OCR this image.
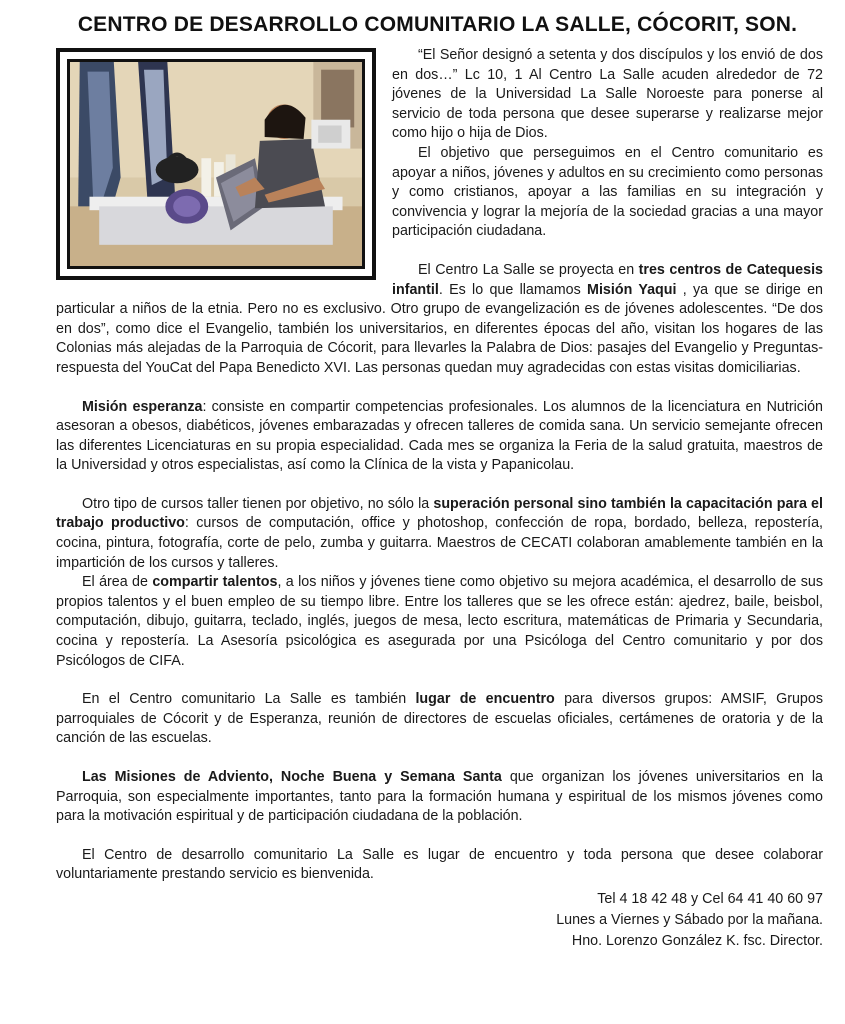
CENTRO DE DESARROLLO COMUNITARIO LA SALLE, CÓCORIT, SON.

“El Señor designó a setenta y dos discípulos y los envió de dos en dos…” Lc 10, 1 Al Centro La Salle acuden alrededor de 72 jóvenes de la Universidad La Salle Noroeste para ponerse al servicio de toda persona que desee superarse y realizarse mejor como hijo o hija de Dios.

El objetivo que perseguimos en el Centro comunitario es apoyar a niños, jóvenes y adultos en su crecimiento como personas y como cristianos, apoyar a las familias en su integración y convivencia y lograr la mejoría de la sociedad gracias a una mayor participación ciudadana.

El Centro La Salle se proyecta en tres centros de Catequesis infantil. Es lo que llamamos Misión Yaqui , ya que se dirige en particular a niños de la etnia. Pero no es exclusivo. Otro grupo de evangelización es de jóvenes adolescentes. “De dos en dos”, como dice el Evangelio, también los universitarios, en diferentes épocas del año, visitan los hogares de las Colonias más alejadas de la Parroquia de Cócorit, para llevarles la Palabra de Dios: pasajes del Evangelio y Preguntas-respuesta del YouCat del Papa Benedicto XVI. Las personas quedan muy agradecidas con estas visitas domiciliarias.

Misión esperanza: consiste en compartir competencias profesionales. Los alumnos de la licenciatura en Nutrición asesoran a obesos, diabéticos, jóvenes embarazadas y ofrecen talleres de comida sana. Un servicio semejante ofrecen las diferentes Licenciaturas en su propia especialidad. Cada mes se organiza la Feria de la salud gratuita, maestros de la Universidad y otros especialistas, así como la Clínica de la vista y Papanicolau.

Otro tipo de cursos taller tienen por objetivo, no sólo la superación personal sino también la capacitación para el trabajo productivo: cursos de computación, office y photoshop, confección de ropa, bordado, belleza, repostería, cocina, pintura, fotografía, corte de pelo, zumba y guitarra. Maestros de CECATI colaboran amablemente también en la impartición de los cursos y talleres.

El área de compartir talentos, a los niños y jóvenes tiene como objetivo su mejora académica, el desarrollo de sus propios talentos y el buen empleo de su tiempo libre. Entre los talleres que se les ofrece están: ajedrez, baile, beisbol, computación, dibujo, guitarra, teclado, inglés, juegos de mesa, lecto escritura, matemáticas de Primaria y Secundaria, cocina y repostería. La Asesoría psicológica es asegurada por una Psicóloga del Centro comunitario y por dos Psicólogos de CIFA.

En el Centro comunitario La Salle es también lugar de encuentro para diversos grupos: AMSIF, Grupos parroquiales de Cócorit y de Esperanza, reunión de directores de escuelas oficiales, certámenes de oratoria y de la canción de las escuelas.

Las Misiones de Adviento, Noche Buena y Semana Santa que organizan los jóvenes universitarios en la Parroquia, son especialmente importantes, tanto para la formación humana y espiritual de los mismos jóvenes como para la motivación espiritual y de participación ciudadana de la población.

El Centro de desarrollo comunitario La Salle es lugar de encuentro y toda persona que desee colaborar voluntariamente prestando servicio es bienvenida.

Tel 4 18 42 48 y Cel 64 41 40 60 97
Lunes a Viernes y Sábado por la mañana.
Hno. Lorenzo González K. fsc. Director.
